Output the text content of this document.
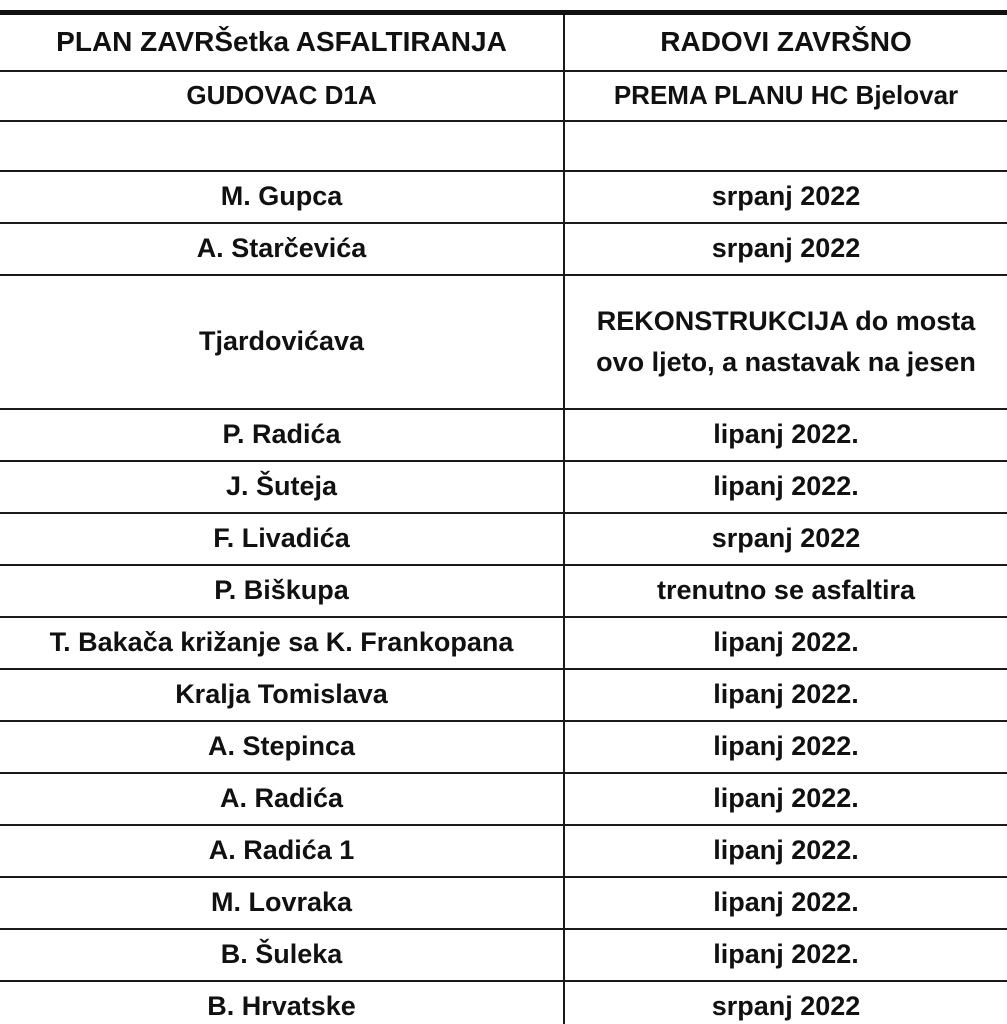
PLAN ZAVRŠetka ASFALTIRANJA	RADOVI ZAVRŠNO
GUDOVAC D1A	PREMA PLANU HC Bjelovar

M. Gupca	srpanj 2022
A. Starčevića	srpanj 2022
Tjardovićava	REKONSTRUKCIJA do mosta ovo ljeto, a nastavak na jesen
P. Radića	lipanj 2022.
J. Šuteja	lipanj 2022.
F. Livadića	srpanj 2022
P. Biškupa	trenutno se asfaltira
T. Bakača križanje sa K. Frankopana	lipanj 2022.
Kralja Tomislava	lipanj 2022.
A. Stepinca	lipanj 2022.
A. Radića	lipanj 2022.
A. Radića 1	lipanj 2022.
M. Lovraka	lipanj 2022.
B. Šuleka	lipanj 2022.
B. Hrvatske	srpanj 2022
